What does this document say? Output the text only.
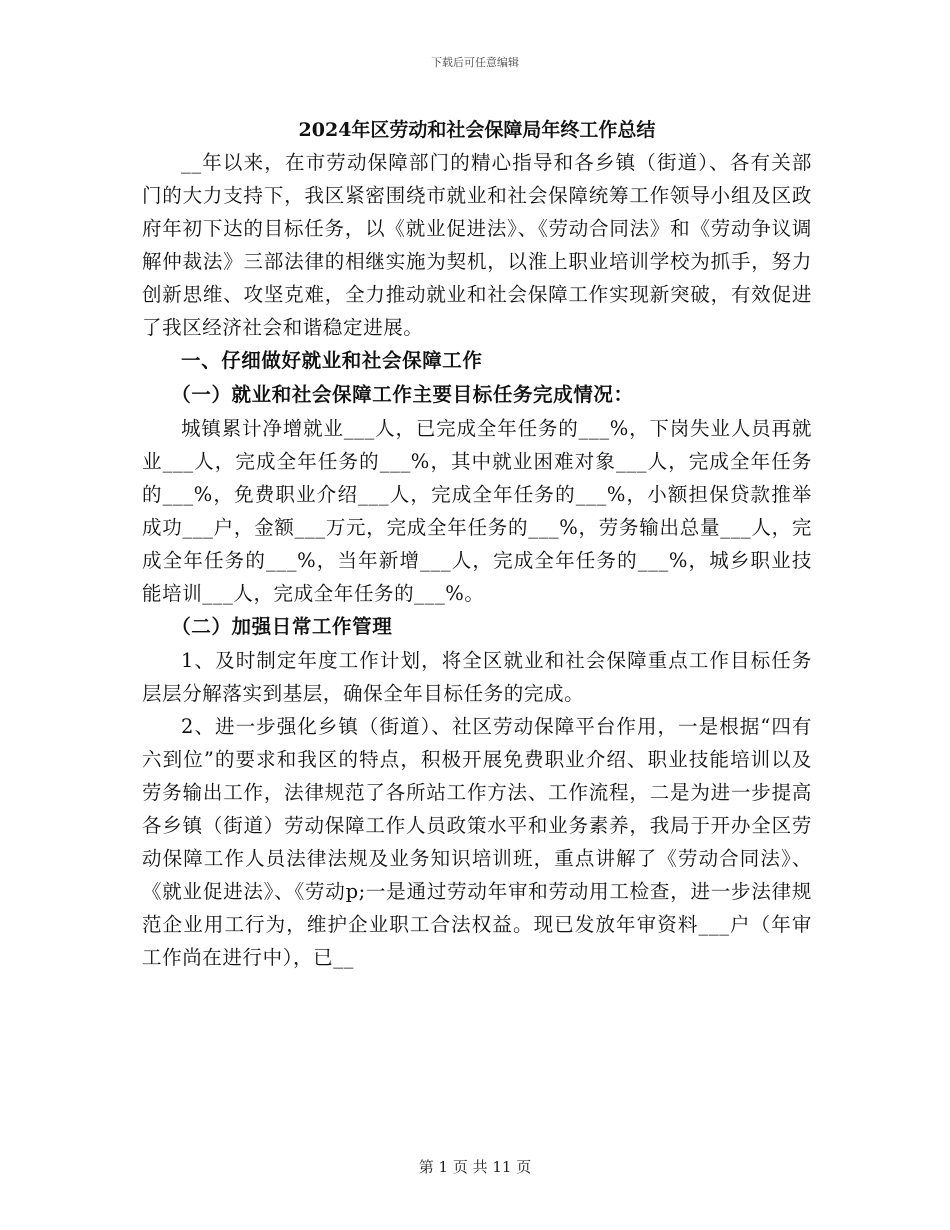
下载后可任意编辑
2024年区劳动和社会保障局年终工作总结

__年以来，在市劳动保障部门的精心指导和各乡镇（街道）、各有关部门的大力支持下，我区紧密围绕市就业和社会保障统筹工作领导小组及区政府年初下达的目标任务，以《就业促进法》、《劳动合同法》和《劳动争议调解仲裁法》三部法律的相继实施为契机，以淮上职业培训学校为抓手，努力创新思维、攻坚克难，全力推动就业和社会保障工作实现新突破，有效促进了我区经济社会和谐稳定进展。

一、仔细做好就业和社会保障工作

（一）就业和社会保障工作主要目标任务完成情况：

城镇累计净增就业___人，已完成全年任务的___%，下岗失业人员再就业___人，完成全年任务的___%，其中就业困难对象___人，完成全年任务的___%，免费职业介绍___人，完成全年任务的___%，小额担保贷款推举成功___户，金额___万元，完成全年任务的___%，劳务输出总量___人，完成全年任务的___%，当年新增___人，完成全年任务的___%，城乡职业技能培训___人，完成全年任务的___%。

（二）加强日常工作管理

1、及时制定年度工作计划，将全区就业和社会保障重点工作目标任务层层分解落实到基层，确保全年目标任务的完成。

2、进一步强化乡镇（街道）、社区劳动保障平台作用，一是根据“四有六到位”的要求和我区的特点，积极开展免费职业介绍、职业技能培训以及劳务输出工作，法律规范了各所站工作方法、工作流程，二是为进一步提高各乡镇（街道）劳动保障工作人员政策水平和业务素养，我局于开办全区劳动保障工作人员法律法规及业务知识培训班，重点讲解了《劳动合同法》、《就业促进法》、《劳动p;一是通过劳动年审和劳动用工检查，进一步法律规范企业用工行为，维护企业职工合法权益。现已发放年审资料___户（年审工作尚在进行中），已__

第 1 页 共 11 页
